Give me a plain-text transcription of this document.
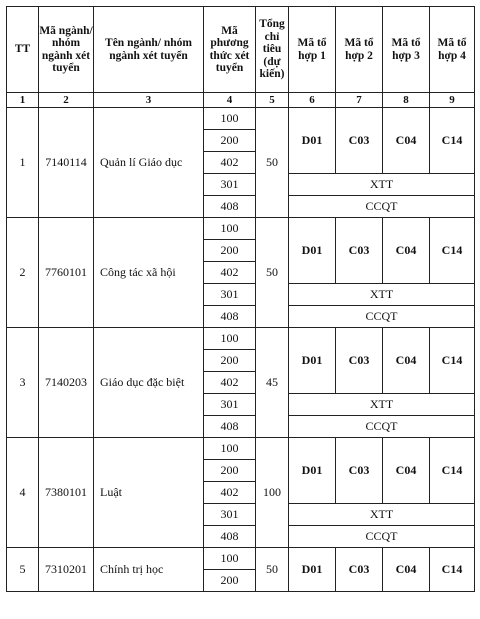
TT	Mã ngành/ nhóm ngành xét tuyển	Tên ngành/ nhóm ngành xét tuyển	Mã phương thức xét tuyển	Tổng chỉ tiêu (dự kiến)	Mã tổ hợp 1	Mã tổ hợp 2	Mã tổ hợp 3	Mã tổ hợp 4
1	2	3	4	5	6	7	8	9
1	7140114	Quản lí Giáo dục	100	50	D01	C03	C04	C14
			200					
			402					
			301		XTT			
			408		CCQT			
2	7760101	Công tác xã hội	100	50	D01	C03	C04	C14
			200					
			402					
			301		XTT			
			408		CCQT			
3	7140203	Giáo dục đặc biệt	100	45	D01	C03	C04	C14
			200					
			402					
			301		XTT			
			408		CCQT			
4	7380101	Luật	100	100	D01	C03	C04	C14
			200					
			402					
			301		XTT			
			408		CCQT			
5	7310201	Chính trị học	100	50	D01	C03	C04	C14
			200					
